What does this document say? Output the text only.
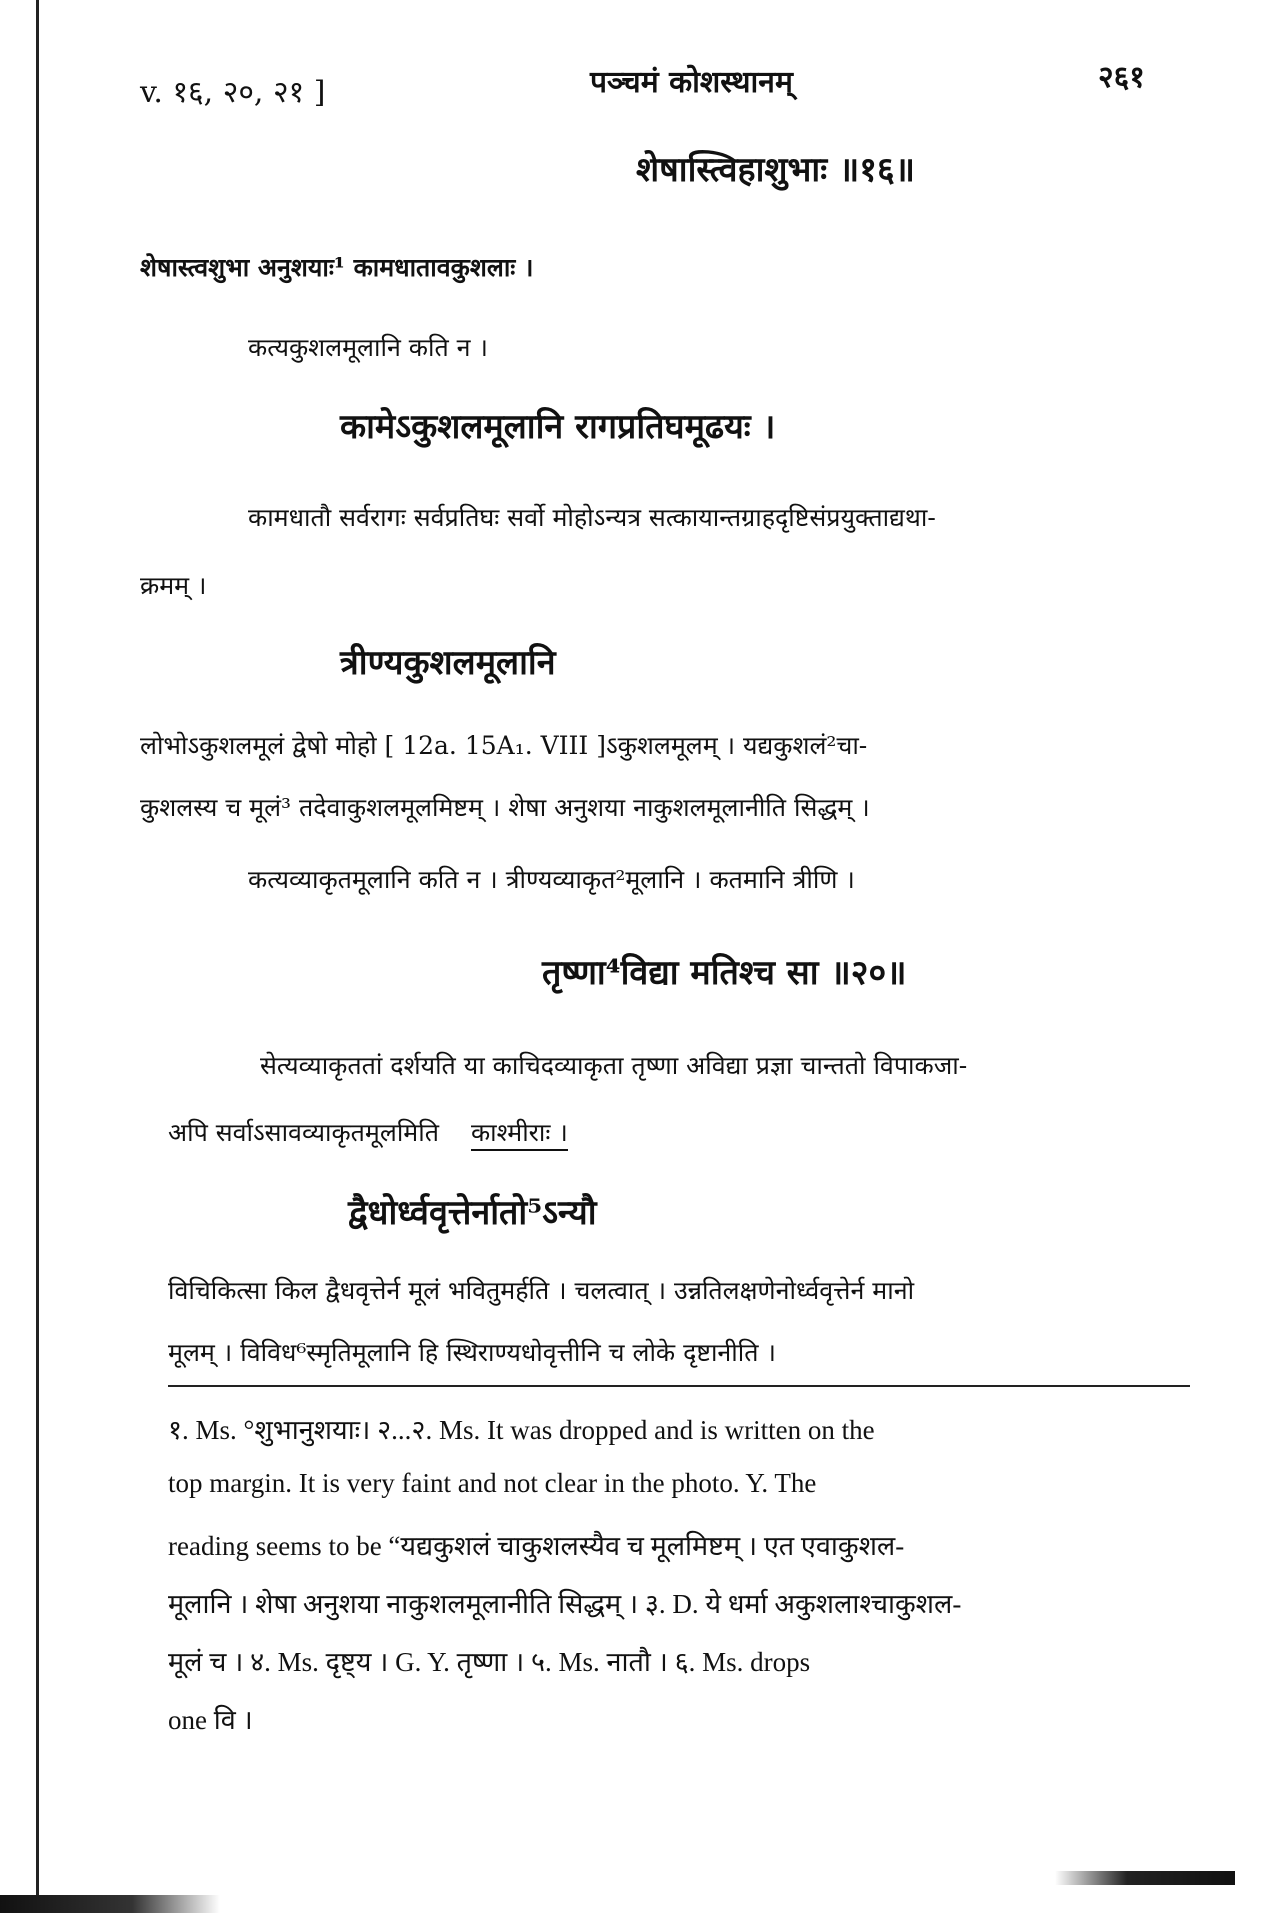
v. १६, २०, २१ ]	पञ्चमं कोशस्थानम्	२६१
शेषास्त्विहाशुभाः ॥१६॥
शेषास्त्वशुभा अनुशयाः¹ कामधातावकुशलाः ।
कत्यकुशलमूलानि कति न ।
कामेऽकुशलमूलानि रागप्रतिघमूढयः ।
कामधातौ सर्वरागः सर्वप्रतिघः सर्वो मोहोऽन्यत्र सत्कायान्तग्राहदृष्टिसंप्रयुक्ताद्यथा-
क्रमम् ।
त्रीण्यकुशलमूलानि
लोभोऽकुशलमूलं द्वेषो मोहो [ 12a. 15A₁. VIII ]ऽकुशलमूलम् । यद्यकुशलं²चा-
कुशलस्य च मूलं³ तदेवाकुशलमूलमिष्टम् । शेषा अनुशया नाकुशलमूलानीति सिद्धम् ।
कत्यव्याकृतमूलानि कति न । त्रीण्यव्याकृत²मूलानि । कतमानि त्रीणि ।
तृष्णा⁴विद्या मतिश्च सा ॥२०॥
सेत्यव्याकृततां दर्शयति या काचिदव्याकृता तृष्णा अविद्या प्रज्ञा चान्ततो विपाकजा-
अपि सर्वाऽसावव्याकृतमूलमिति काश्मीराः ।
द्वैधोर्ध्ववृत्तेर्नातो⁵ऽन्यौ
विचिकित्सा किल द्वैधवृत्तेर्न मूलं भवितुमर्हति । चलत्वात् । उन्नतिलक्षणेनोर्ध्ववृत्तेर्न मानो
मूलम् । विविध⁶स्मृतिमूलानि हि स्थिराण्यधोवृत्तीनि च लोके दृष्टानीति ।
१. Ms. °शुभानुशयाः। २...२. Ms. It was dropped and is written on the
top margin. It is very faint and not clear in the photo. Y. The
reading seems to be “यद्यकुशलं चाकुशलस्यैव च मूलमिष्टम् । एत एवाकुशल-
मूलानि । शेषा अनुशया नाकुशलमूलानीति सिद्धम् । ३. D. ये धर्मा अकुशलाश्चाकुशल-
मूलं च । ४. Ms. दृष्ट्य । G. Y. तृष्णा । ५. Ms. नातौ । ६. Ms. drops
one वि ।
